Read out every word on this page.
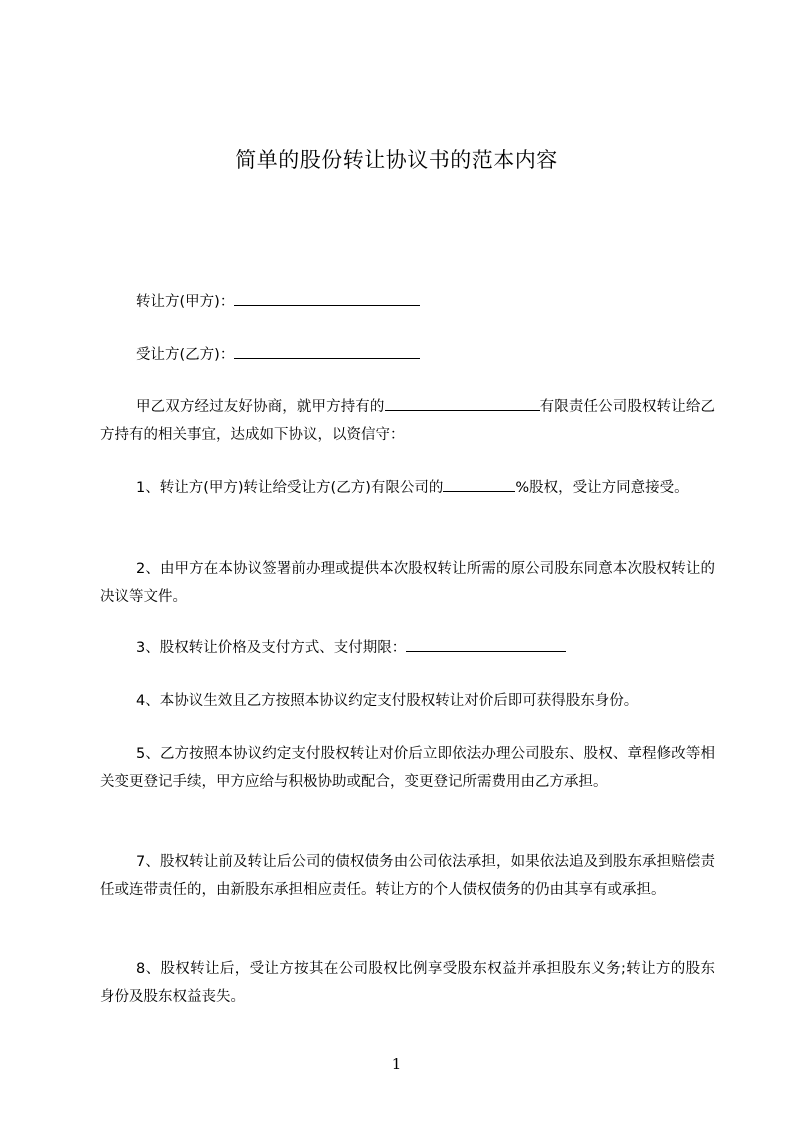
简单的股份转让协议书的范本内容
转让方(甲方)：
受让方(乙方)：
甲乙双方经过友好协商，就甲方持有的	有限责任公司股权转让给乙方持有的相关事宜，达成如下协议，以资信守：
1、转让方(甲方)转让给受让方(乙方)有限公司的	%股权，受让方同意接受。
2、由甲方在本协议签署前办理或提供本次股权转让所需的原公司股东同意本次股权转让的决议等文件。
3、股权转让价格及支付方式、支付期限：
4、本协议生效且乙方按照本协议约定支付股权转让对价后即可获得股东身份。
5、乙方按照本协议约定支付股权转让对价后立即依法办理公司股东、股权、章程修改等相关变更登记手续，甲方应给与积极协助或配合，变更登记所需费用由乙方承担。
7、股权转让前及转让后公司的债权债务由公司依法承担，如果依法追及到股东承担赔偿责任或连带责任的，由新股东承担相应责任。转让方的个人债权债务的仍由其享有或承担。
8、股权转让后，受让方按其在公司股权比例享受股东权益并承担股东义务;转让方的股东身份及股东权益丧失。
1
